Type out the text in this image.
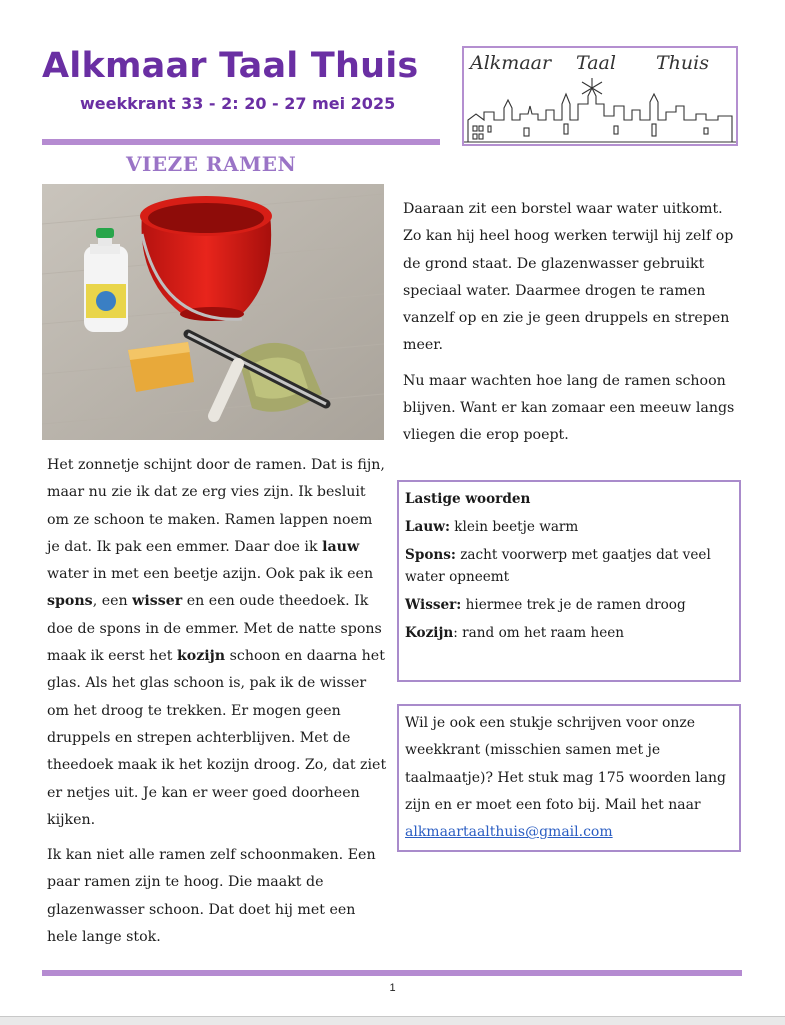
Alkmaar Taal Thuis
weekkrant 33 - 2: 20 - 27 mei 2025
Alkmaar Taal Thuis
VIEZE RAMEN

Het zonnetje schijnt door de ramen. Dat is fijn, maar nu zie ik dat ze erg vies zijn. Ik besluit om ze schoon te maken. Ramen lappen noem je dat. Ik pak een emmer. Daar doe ik lauw water in met een beetje azijn. Ook pak ik een spons, een wisser en een oude theedoek. Ik doe de spons in de emmer. Met de natte spons maak ik eerst het kozijn schoon en daarna het glas. Als het glas schoon is, pak ik de wisser om het droog te trekken. Er mogen geen druppels en strepen achterblijven. Met de theedoek maak ik het kozijn droog. Zo, dat ziet er netjes uit. Je kan er weer goed doorheen kijken.

Ik kan niet alle ramen zelf schoonmaken. Een paar ramen zijn te hoog. Die maakt de glazenwasser schoon. Dat doet hij met een hele lange stok.

Daaraan zit een borstel waar water uitkomt. Zo kan hij heel hoog werken terwijl hij zelf op de grond staat. De glazenwasser gebruikt speciaal water. Daarmee drogen te ramen vanzelf op en zie je geen druppels en strepen meer.

Nu maar wachten hoe lang de ramen schoon blijven. Want er kan zomaar een meeuw langs vliegen die erop poept.

Lastige woorden

Lauw: klein beetje warm

Spons: zacht voorwerp met gaatjes dat veel water opneemt

Wisser: hiermee trek je de ramen droog

Kozijn: rand om het raam heen

Wil je ook een stukje schrijven voor onze weekkrant (misschien samen met je taalmaatje)? Het stuk mag 175 woorden lang zijn en er moet een foto bij. Mail het naar alkmaartaalthuis@gmail.com

1
